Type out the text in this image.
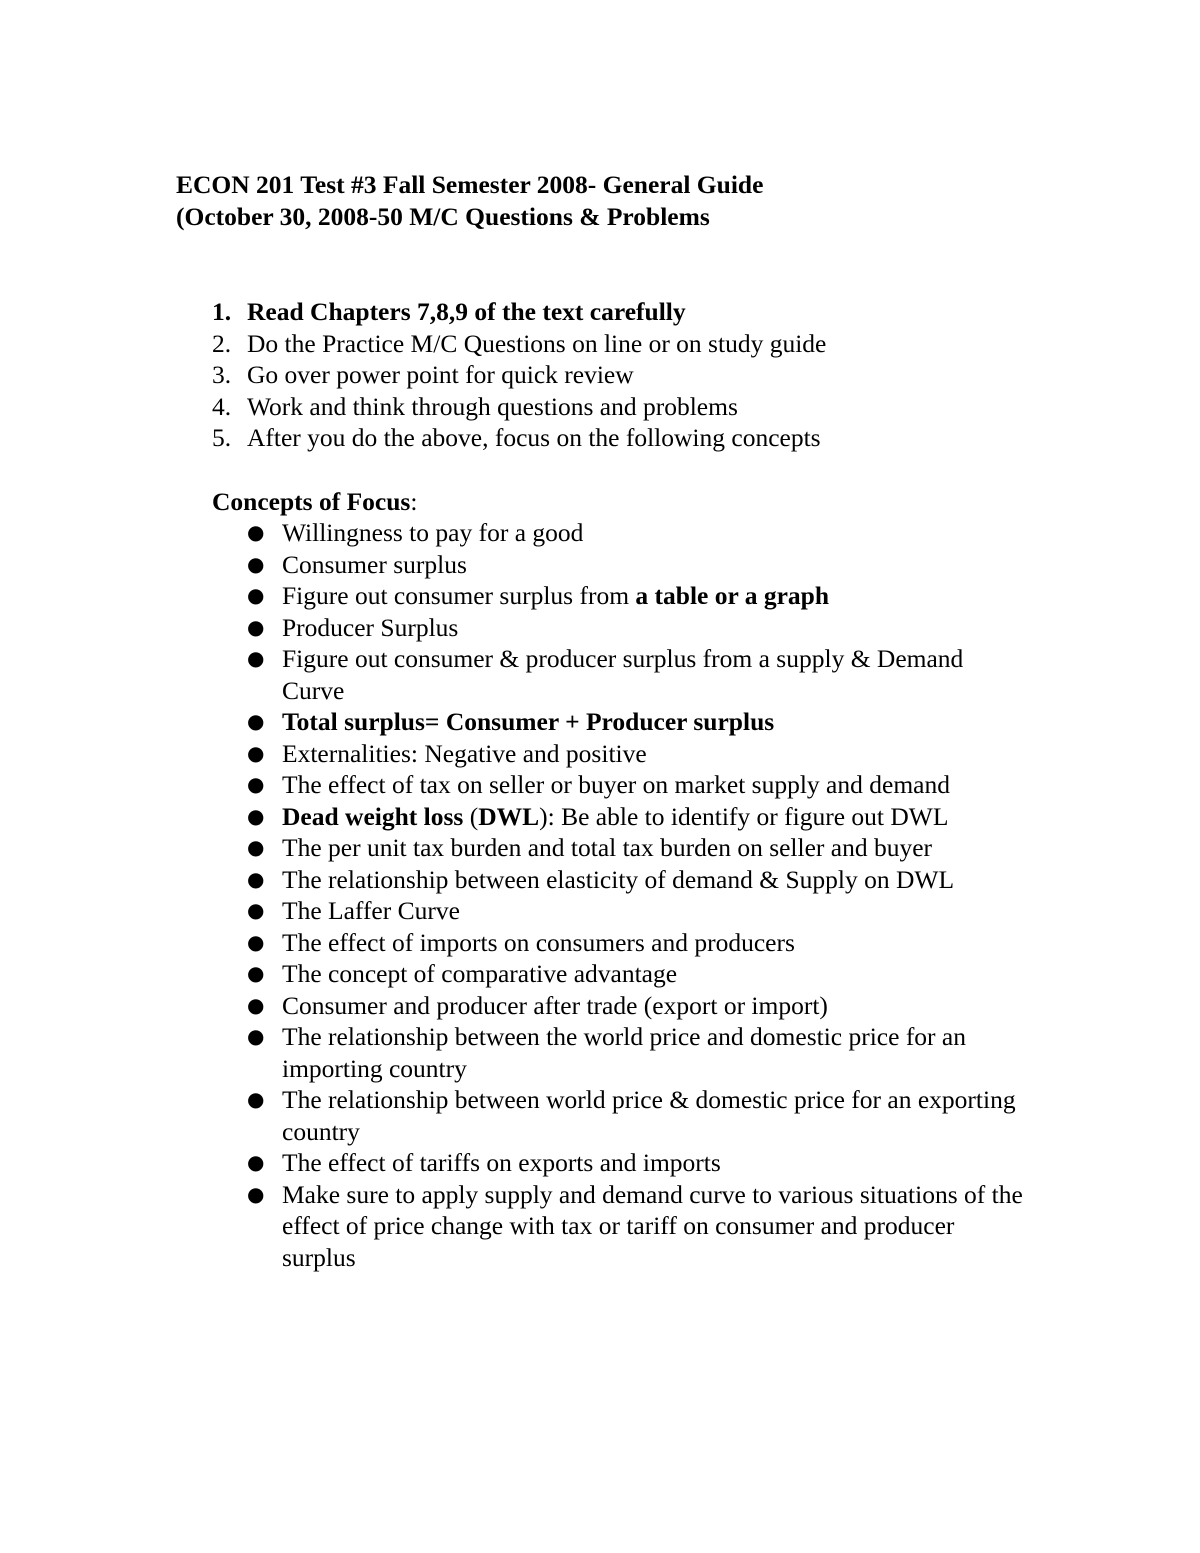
ECON 201 Test #3 Fall Semester 2008- General Guide
(October 30, 2008-50 M/C Questions & Problems
1. Read Chapters 7,8,9 of the text carefully
2. Do the Practice M/C Questions on line or on study guide
3. Go over power point for quick review
4. Work and think through questions and problems
5. After you do the above, focus on the following concepts
Concepts of Focus:
● Willingness to pay for a good
● Consumer surplus
● Figure out consumer surplus from a table or a graph
● Producer Surplus
● Figure out consumer & producer surplus from a supply & Demand Curve
● Total surplus= Consumer + Producer surplus
● Externalities: Negative and positive
● The effect of tax on seller or buyer on market supply and demand
● Dead weight loss (DWL): Be able to identify or figure out DWL
● The per unit tax burden and total tax burden on seller and buyer
● The relationship between elasticity of demand & Supply on DWL
● The Laffer Curve
● The effect of imports on consumers and producers
● The concept of comparative advantage
● Consumer and producer after trade (export or import)
● The relationship between the world price and domestic price for an importing country
● The relationship between world price & domestic price for an exporting country
● The effect of tariffs on exports and imports
● Make sure to apply supply and demand curve to various situations of the effect of price change with tax or tariff on consumer and producer surplus
